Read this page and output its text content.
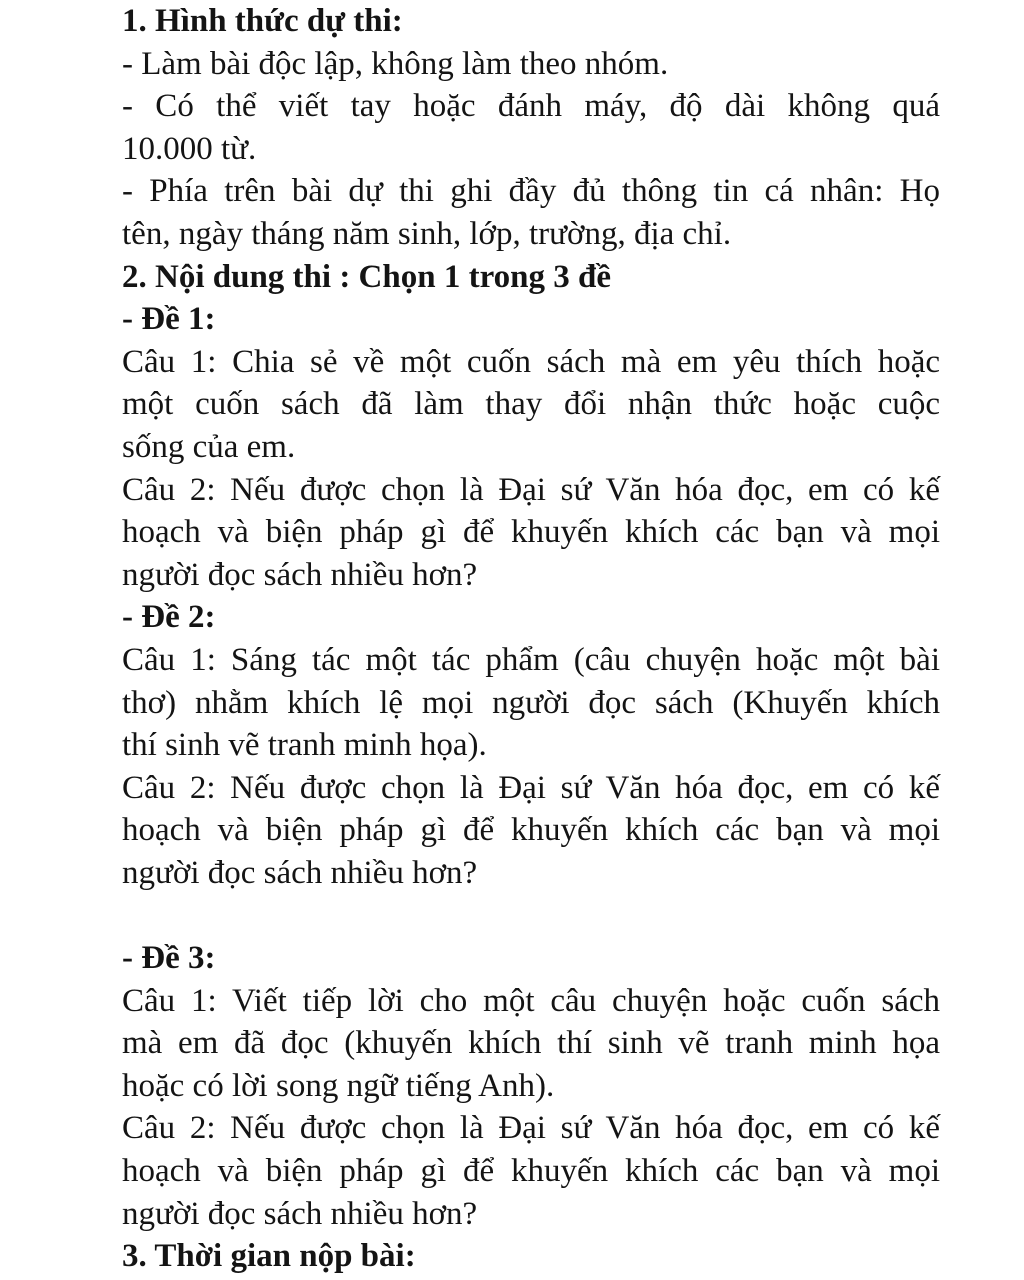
1. Hình thức dự thi:
- Làm bài độc lập, không làm theo nhóm.
- Có thể viết tay hoặc đánh máy, độ dài không quá
10.000 từ.
- Phía trên bài dự thi ghi đầy đủ thông tin cá nhân: Họ
tên, ngày tháng năm sinh, lớp, trường, địa chỉ.
2. Nội dung thi : Chọn 1 trong 3 đề
- Đề 1:
Câu 1: Chia sẻ về một cuốn sách mà em yêu thích hoặc
một cuốn sách đã làm thay đổi nhận thức hoặc cuộc
sống của em.
Câu 2: Nếu được chọn là Đại sứ Văn hóa đọc, em có kế
hoạch và biện pháp gì để khuyến khích các bạn và mọi
người đọc sách nhiều hơn?
- Đề 2:
Câu 1: Sáng tác một tác phẩm (câu chuyện hoặc một bài
thơ) nhằm khích lệ mọi người đọc sách (Khuyến khích
thí sinh vẽ tranh minh họa).
Câu 2: Nếu được chọn là Đại sứ Văn hóa đọc, em có kế
hoạch và biện pháp gì để khuyến khích các bạn và mọi
người đọc sách nhiều hơn?
- Đề 3:
Câu 1: Viết tiếp lời cho một câu chuyện hoặc cuốn sách
mà em đã đọc (khuyến khích thí sinh vẽ tranh minh họa
hoặc có lời song ngữ tiếng Anh).
Câu 2: Nếu được chọn là Đại sứ Văn hóa đọc, em có kế
hoạch và biện pháp gì để khuyến khích các bạn và mọi
người đọc sách nhiều hơn?
3. Thời gian nộp bài:
